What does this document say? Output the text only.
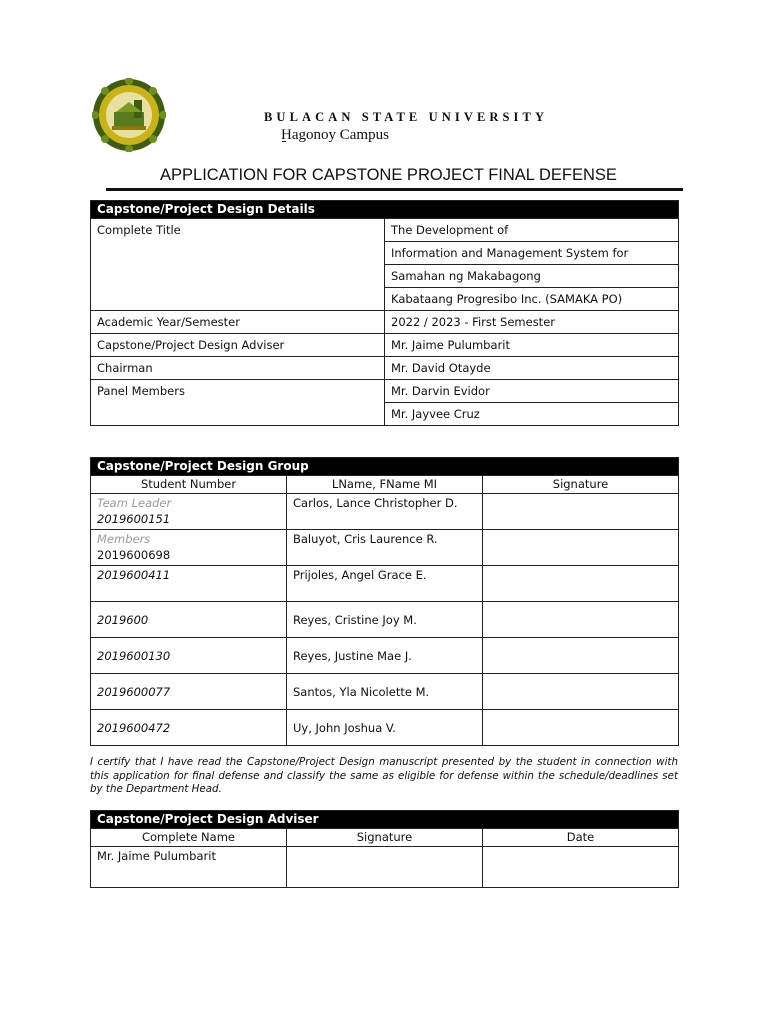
BULACAN STATE UNIVERSITY
Hagonoy Campus
APPLICATION FOR CAPSTONE PROJECT FINAL DEFENSE
Capstone/Project Design Details	
Complete Title	The Development of
	Information and Management System for
	Samahan ng Makabagong
	Kabataang Progresibo Inc. (SAMAKA PO)
Academic Year/Semester	2022 / 2023 - First Semester
Capstone/Project Design Adviser	Mr. Jaime Pulumbarit
Chairman	Mr. David Otayde
Panel Members	Mr. Darvin Evidor
	Mr. Jayvee Cruz
Capstone/Project Design Group		
Student Number	LName, FName MI	Signature

Team Leader
2019600151	Carlos, Lance Christopher D.	

Members
2019600698	Baluyot, Cris Laurence R.	
2019600411	Prijoles, Angel Grace E.	
2019600	Reyes, Cristine Joy M.	
2019600130	Reyes, Justine Mae J.	
2019600077	Santos, Yla Nicolette M.	
2019600472	Uy, John Joshua V.	
I certify that I have read the Capstone/Project Design manuscript presented by the student in connection with this application for final defense and classify the same as eligible for defense within the schedule/deadlines set by the Department Head.
Capstone/Project Design Adviser		
Complete Name	Signature	Date
Mr. Jaime Pulumbarit		
